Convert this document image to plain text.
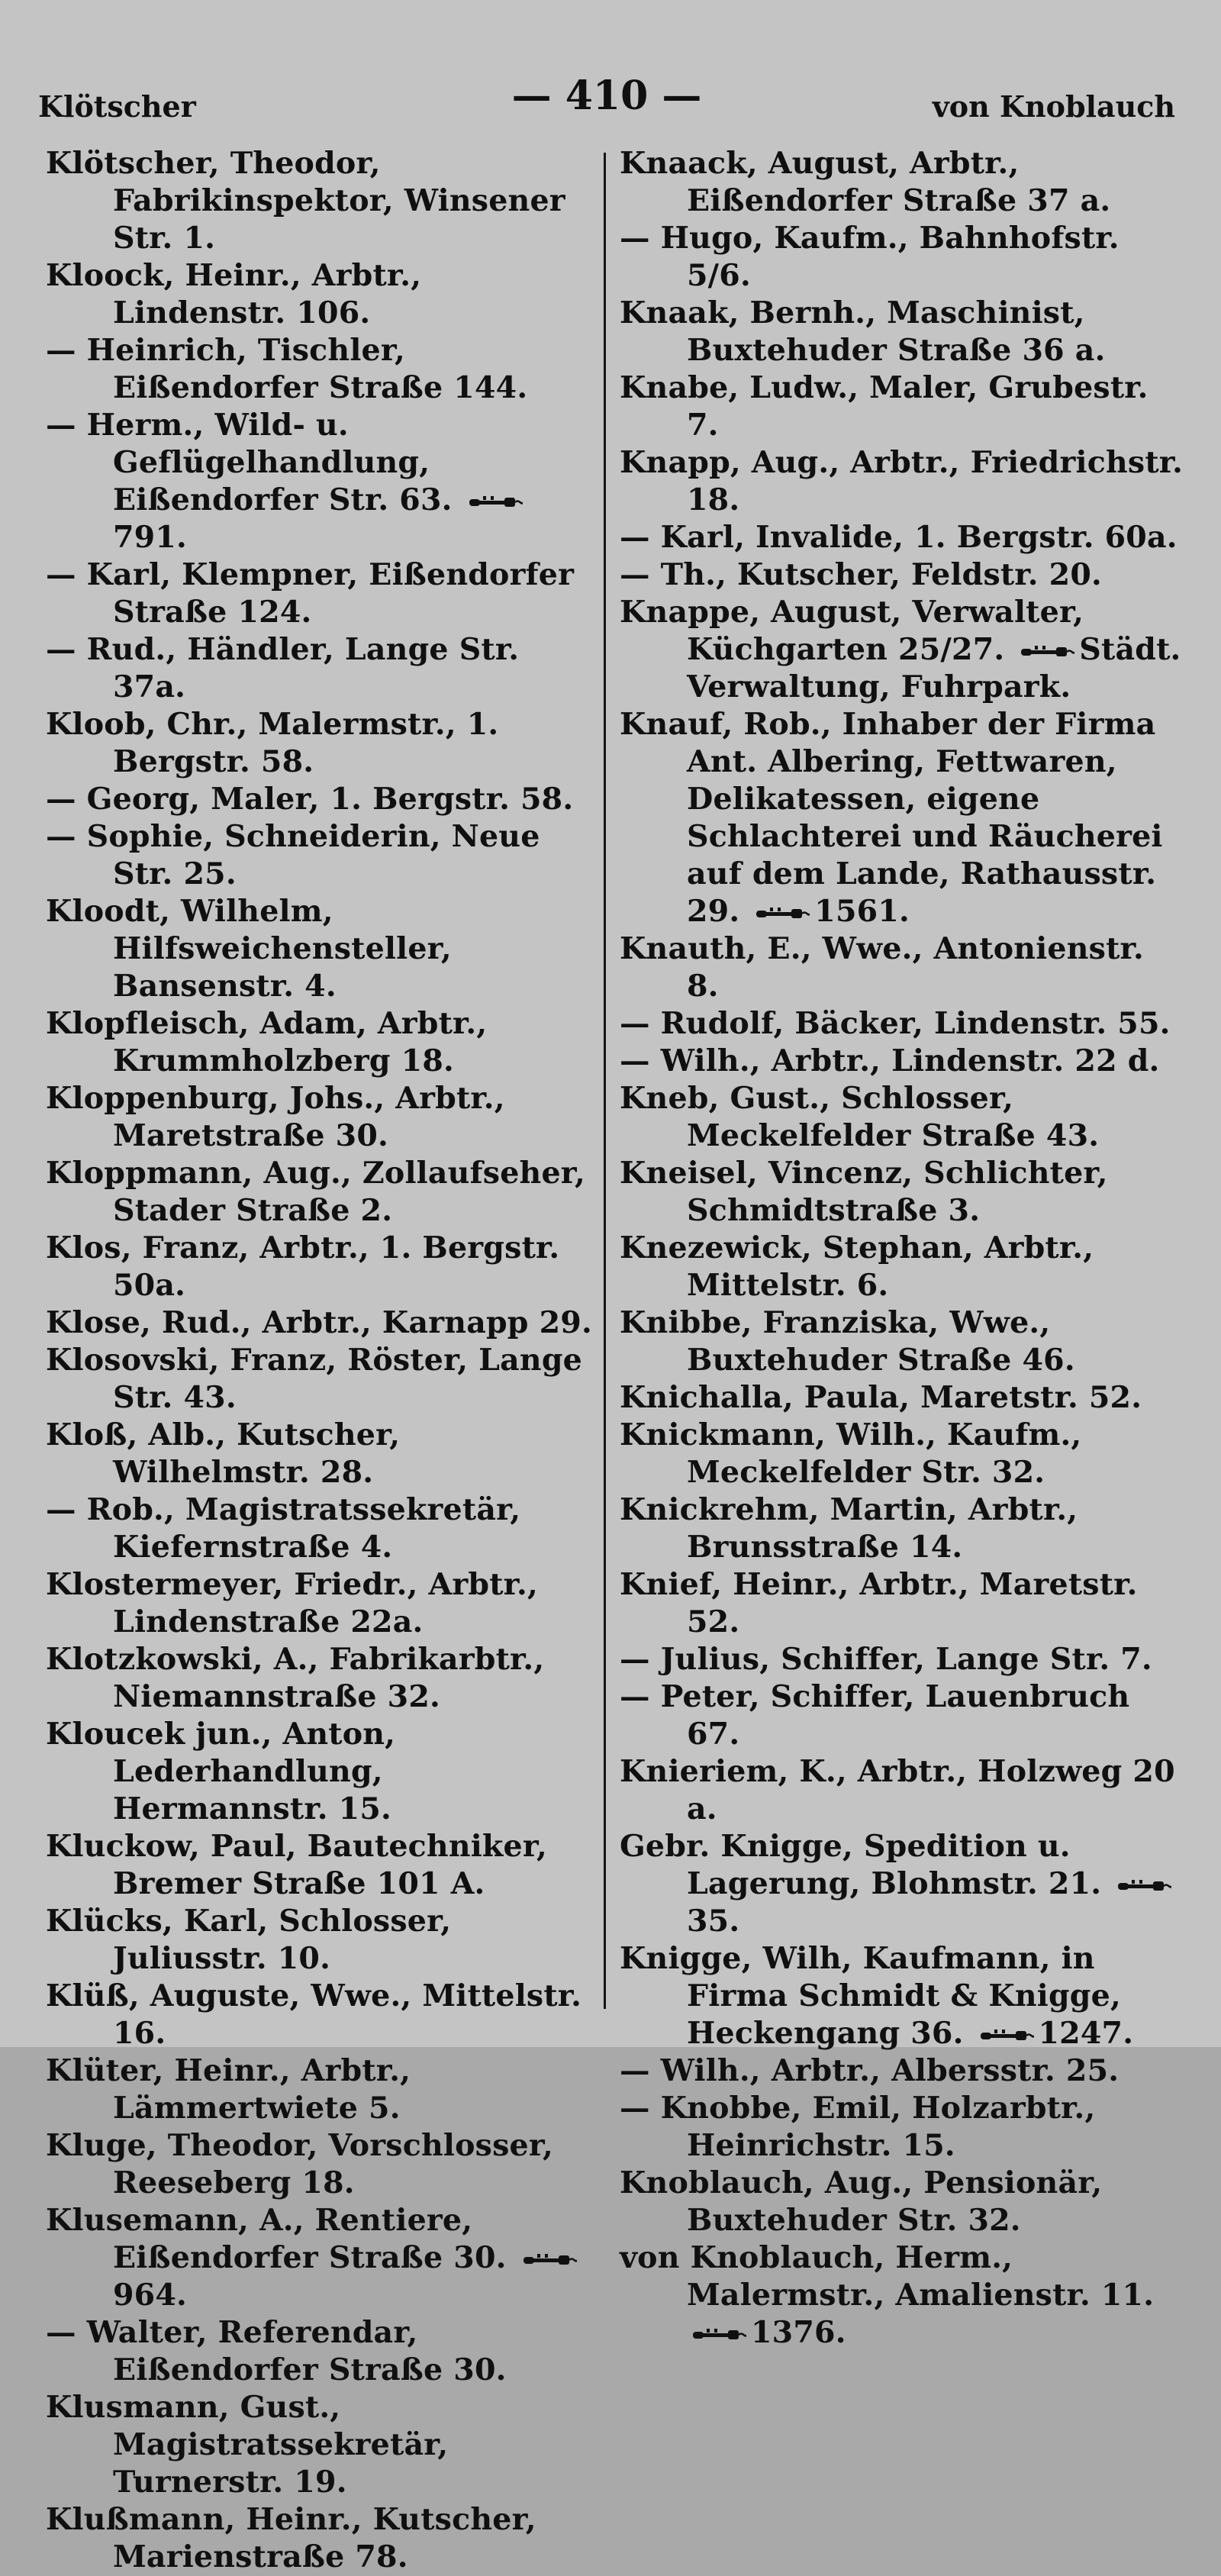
Klötscher	— 410 —	von Knoblauch

Klötscher, Theodor, Fabrikinspektor, Winsener Str. 1.

Kloock, Heinr., Arbtr., Lindenstr. 106.

— Heinrich, Tischler, Eißendorfer Straße 144.

— Herm., Wild- u. Geflügelhandlung, Eißendorfer Str. 63. 791.

— Karl, Klempner, Eißendorfer Straße 124.

— Rud., Händler, Lange Str. 37a.

Kloob, Chr., Malermstr., 1. Bergstr. 58.

— Georg, Maler, 1. Bergstr. 58.

— Sophie, Schneiderin, Neue Str. 25.

Kloodt, Wilhelm, Hilfsweichensteller, Bansenstr. 4.

Klopfleisch, Adam, Arbtr., Krummholzberg 18.

Kloppenburg, Johs., Arbtr., Maretstraße 30.

Kloppmann, Aug., Zollaufseher, Stader Straße 2.

Klos, Franz, Arbtr., 1. Bergstr. 50a.

Klose, Rud., Arbtr., Karnapp 29.

Klosovski, Franz, Röster, Lange Str. 43.

Kloß, Alb., Kutscher, Wilhelmstr. 28.

— Rob., Magistratssekretär, Kiefernstraße 4.

Klostermeyer, Friedr., Arbtr., Lindenstraße 22a.

Klotzkowski, A., Fabrikarbtr., Niemannstraße 32.

Kloucek jun., Anton, Lederhandlung, Hermannstr. 15.

Kluckow, Paul, Bautechniker, Bremer Straße 101 A.

Klücks, Karl, Schlosser, Juliusstr. 10.

Klüß, Auguste, Wwe., Mittelstr. 16.

Klüter, Heinr., Arbtr., Lämmertwiete 5.

Kluge, Theodor, Vorschlosser, Reeseberg 18.

Klusemann, A., Rentiere, Eißendorfer Straße 30. 964.

— Walter, Referendar, Eißendorfer Straße 30.

Klusmann, Gust., Magistratssekretär, Turnerstr. 19.

Klußmann, Heinr., Kutscher, Marienstraße 78.

Knaack, August, Arbtr., Eißendorfer Straße 37 a.

— Hugo, Kaufm., Bahnhofstr. 5/6.

Knaak, Bernh., Maschinist, Buxtehuder Straße 36 a.

Knabe, Ludw., Maler, Grubestr. 7.

Knapp, Aug., Arbtr., Friedrichstr. 18.

— Karl, Invalide, 1. Bergstr. 60a.

— Th., Kutscher, Feldstr. 20.

Knappe, August, Verwalter, Küchgarten 25/27. Städt. Verwaltung, Fuhrpark.

Knauf, Rob., Inhaber der Firma Ant. Albering, Fettwaren, Delikatessen, eigene Schlachterei und Räucherei auf dem Lande, Rathausstr. 29. 1561.

Knauth, E., Wwe., Antonienstr. 8.

— Rudolf, Bäcker, Lindenstr. 55.

— Wilh., Arbtr., Lindenstr. 22 d.

Kneb, Gust., Schlosser, Meckelfelder Straße 43.

Kneisel, Vincenz, Schlichter, Schmidtstraße 3.

Knezewick, Stephan, Arbtr., Mittelstr. 6.

Knibbe, Franziska, Wwe., Buxtehuder Straße 46.

Knichalla, Paula, Maretstr. 52.

Knickmann, Wilh., Kaufm., Meckelfelder Str. 32.

Knickrehm, Martin, Arbtr., Brunsstraße 14.

Knief, Heinr., Arbtr., Maretstr. 52.

— Julius, Schiffer, Lange Str. 7.

— Peter, Schiffer, Lauenbruch 67.

Knieriem, K., Arbtr., Holzweg 20 a.

Gebr. Knigge, Spedition u. Lagerung, Blohmstr. 21. 35.

Knigge, Wilh, Kaufmann, in Firma Schmidt & Knigge, Heckengang 36. 1247.

— Wilh., Arbtr., Albersstr. 25.

— Knobbe, Emil, Holzarbtr., Heinrichstr. 15.

Knoblauch, Aug., Pensionär, Buxtehuder Str. 32.

von Knoblauch, Herm., Malermstr., Amalienstr. 11. 1376.
